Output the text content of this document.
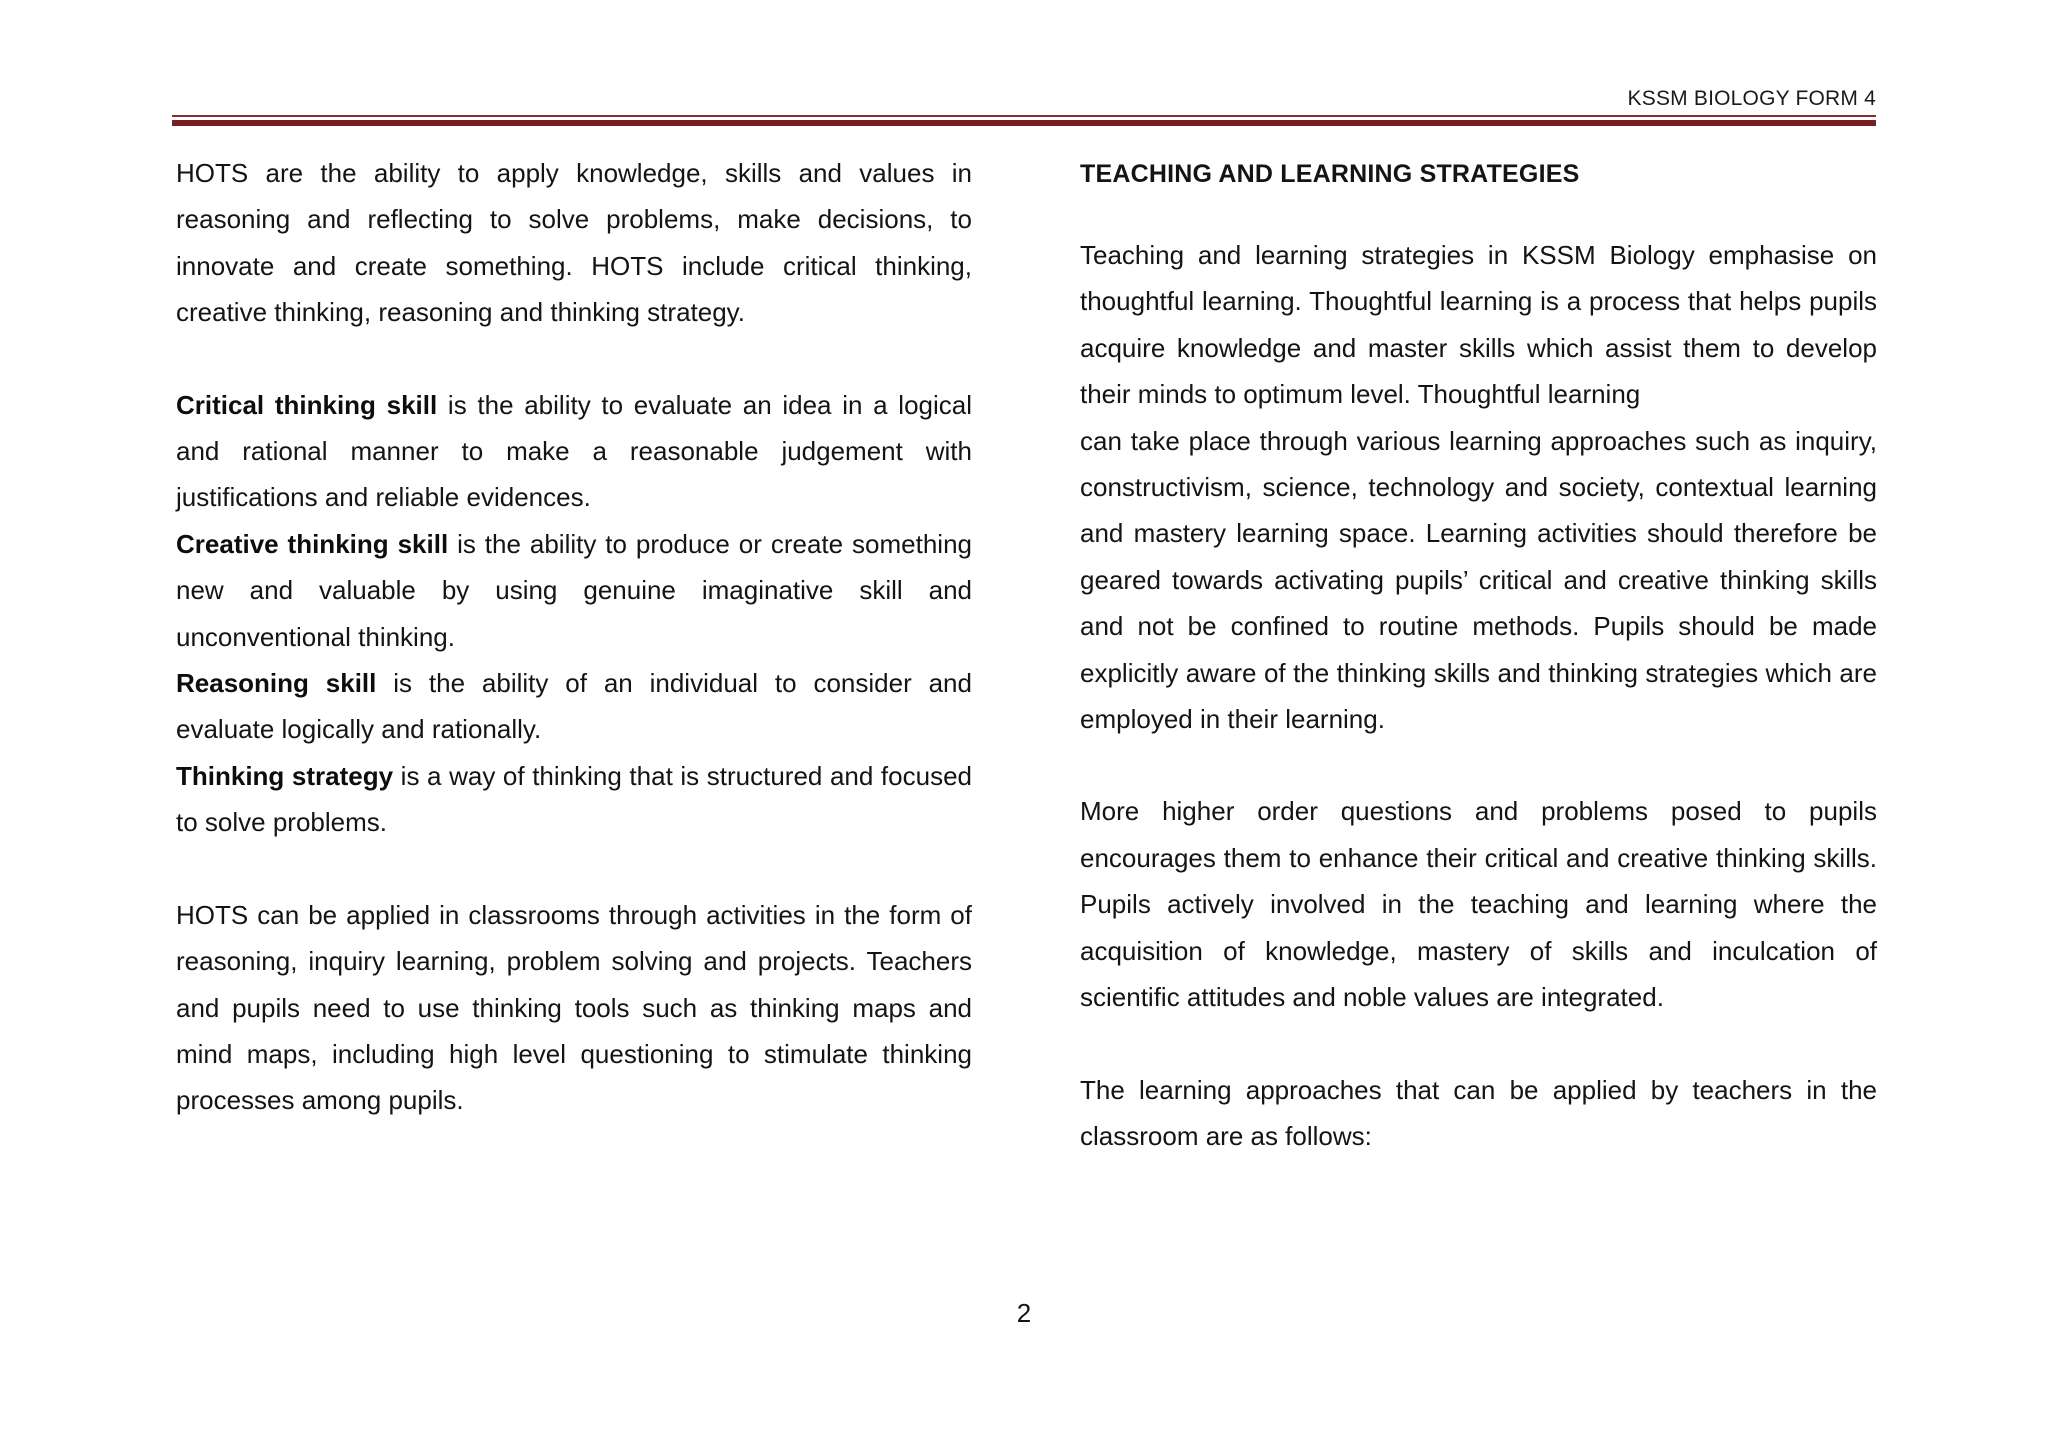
KSSM BIOLOGY FORM 4

HOTS are the ability to apply knowledge, skills and values in reasoning and reflecting to solve problems, make decisions, to innovate and create something. HOTS include critical thinking, creative thinking, reasoning and thinking strategy.

Critical thinking skill is the ability to evaluate an idea in a logical and rational manner to make a reasonable judgement with justifications and reliable evidences.

Creative thinking skill is the ability to produce or create something new and valuable by using genuine imaginative skill and unconventional thinking.

Reasoning skill is the ability of an individual to consider and evaluate logically and rationally.

Thinking strategy is a way of thinking that is structured and focused to solve problems.

HOTS can be applied in classrooms through activities in the form of reasoning, inquiry learning, problem solving and projects. Teachers and pupils need to use thinking tools such as thinking maps and mind maps, including high level questioning to stimulate thinking processes among pupils.

TEACHING AND LEARNING STRATEGIES

Teaching and learning strategies in KSSM Biology emphasise on thoughtful learning. Thoughtful learning is a process that helps pupils acquire knowledge and master skills which assist them to develop their minds to optimum level. Thoughtful learning

can take place through various learning approaches such as inquiry, constructivism, science, technology and society, contextual learning and mastery learning space. Learning activities should therefore be geared towards activating pupils’ critical and creative thinking skills and not be confined to routine methods. Pupils should be made explicitly aware of the thinking skills and thinking strategies which are employed in their learning.

More higher order questions and problems posed to pupils encourages them to enhance their critical and creative thinking skills. Pupils actively involved in the teaching and learning where the acquisition of knowledge, mastery of skills and inculcation of scientific attitudes and noble values are integrated.

The learning approaches that can be applied by teachers in the classroom are as follows:

2
